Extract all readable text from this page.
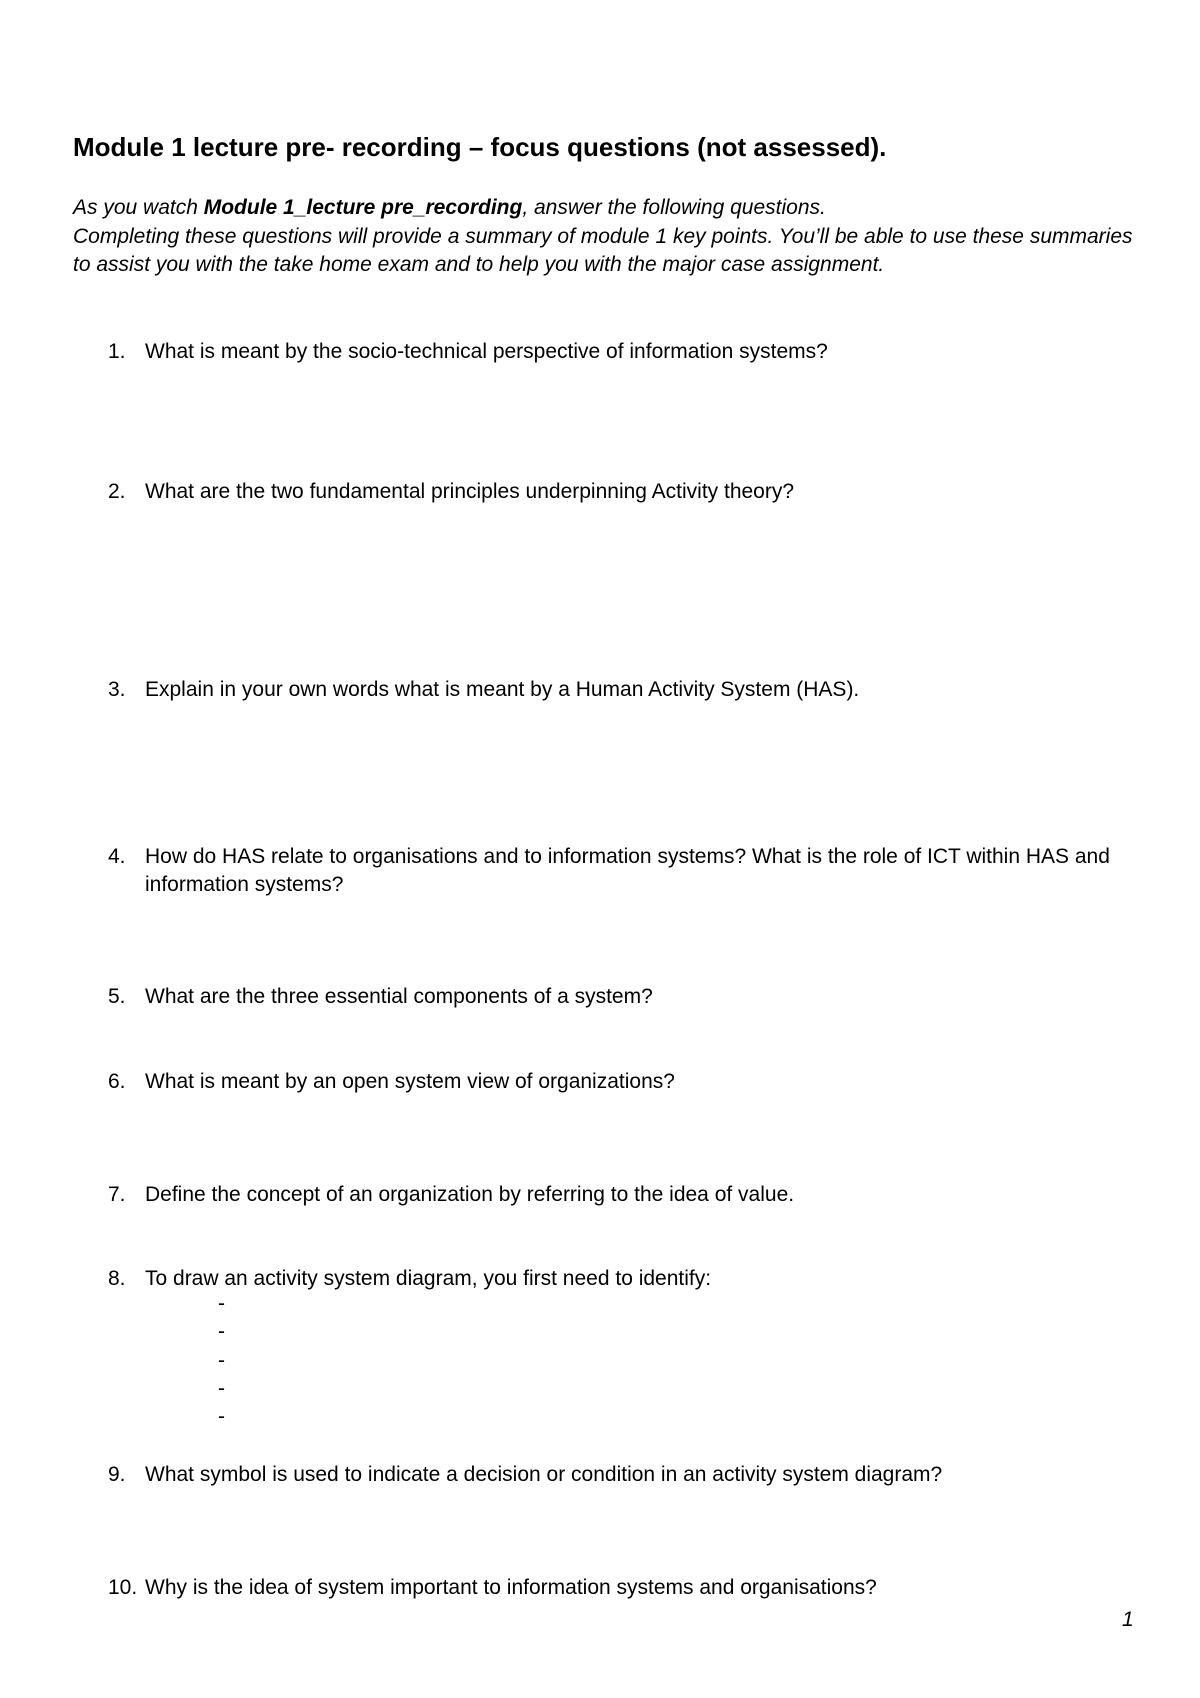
Module 1 lecture pre- recording – focus questions (not assessed).

As you watch Module 1_lecture pre_recording, answer the following questions.
Completing these questions will provide a summary of module 1 key points. You’ll be able to use these summaries to assist you with the take home exam and to help you with the major case assignment.

1. What is meant by the socio-technical perspective of information systems?
2. What are the two fundamental principles underpinning Activity theory?
3. Explain in your own words what is meant by a Human Activity System (HAS).
4. How do HAS relate to organisations and to information systems? What is the role of ICT within HAS and information systems?
5. What are the three essential components of a system?
6. What is meant by an open system view of organizations?
7. Define the concept of an organization by referring to the idea of value.
8. To draw an activity system diagram, you first need to identify:
-
-
-
-
-
9. What symbol is used to indicate a decision or condition in an activity system diagram?
10. Why is the idea of system important to information systems and organisations?
1
